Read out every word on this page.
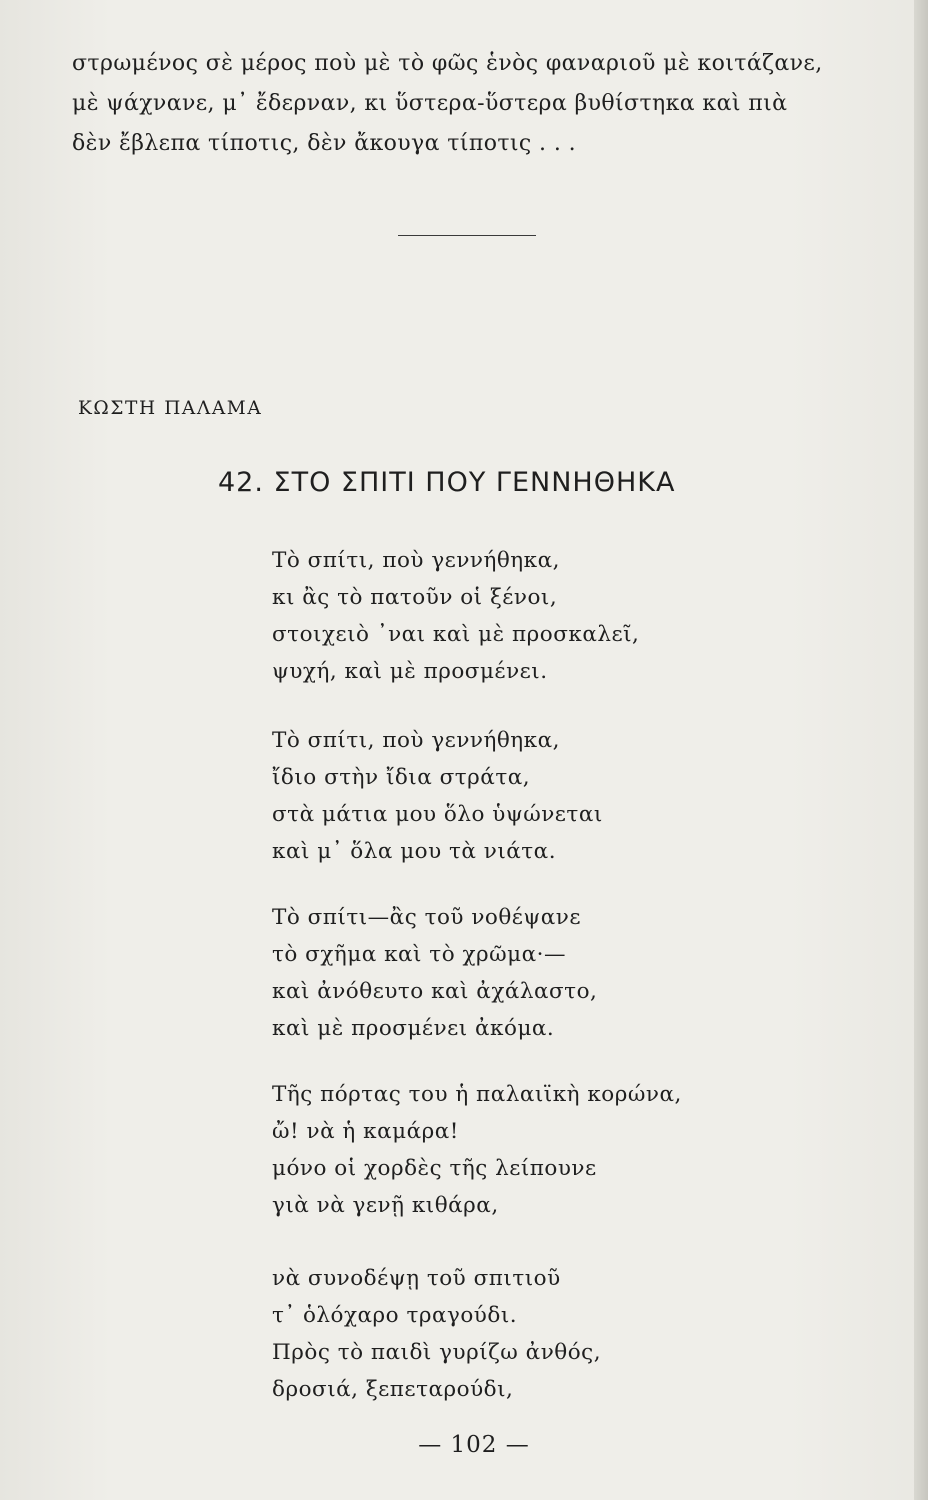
στρωμένος σὲ μέρος ποὺ μὲ τὸ φῶς ἑνὸς φαναριοῦ μὲ κοιτάζανε,
μὲ ψάχνανε, μ᾿ ἔδερναν, κι ὕστερα-ὕστερα βυθίστηκα καὶ πιὰ
δὲν ἔβλεπα τίποτις, δὲν ἄκουγα τίποτις . . .
ΚΩΣΤΗ ΠΑΛΑΜΑ
42. ΣΤΟ ΣΠΙΤΙ ΠΟΥ ΓΕΝΝΗΘΗΚΑ
Τὸ σπίτι, ποὺ γεννήθηκα,
κι ἂς τὸ πατοῦν οἱ ξένοι,
στοιχειὸ ᾿ναι καὶ μὲ προσκαλεῖ,
ψυχή, καὶ μὲ προσμένει.
Τὸ σπίτι, ποὺ γεννήθηκα,
ἴδιο στὴν ἴδια στράτα,
στὰ μάτια μου ὅλο ὑψώνεται
καὶ μ᾿ ὅλα μου τὰ νιάτα.
Τὸ σπίτι—ἂς τοῦ νοθέψανε
τὸ σχῆμα καὶ τὸ χρῶμα·—
καὶ ἀνόθευτο καὶ ἀχάλαστο,
καὶ μὲ προσμένει ἀκόμα.
Τῆς πόρτας του ἡ παλαιϊκὴ κορώνα,
ὤ! νὰ ἡ καμάρα!
μόνο οἱ χορδὲς τῆς λείπουνε
γιὰ νὰ γενῇ κιθάρα,
νὰ συνοδέψῃ τοῦ σπιτιοῦ
τ᾿ ὁλόχαρο τραγούδι.
Πρὸς τὸ παιδὶ γυρίζω ἀνθός,
δροσιά, ξεπεταρούδι,
— 102 —
